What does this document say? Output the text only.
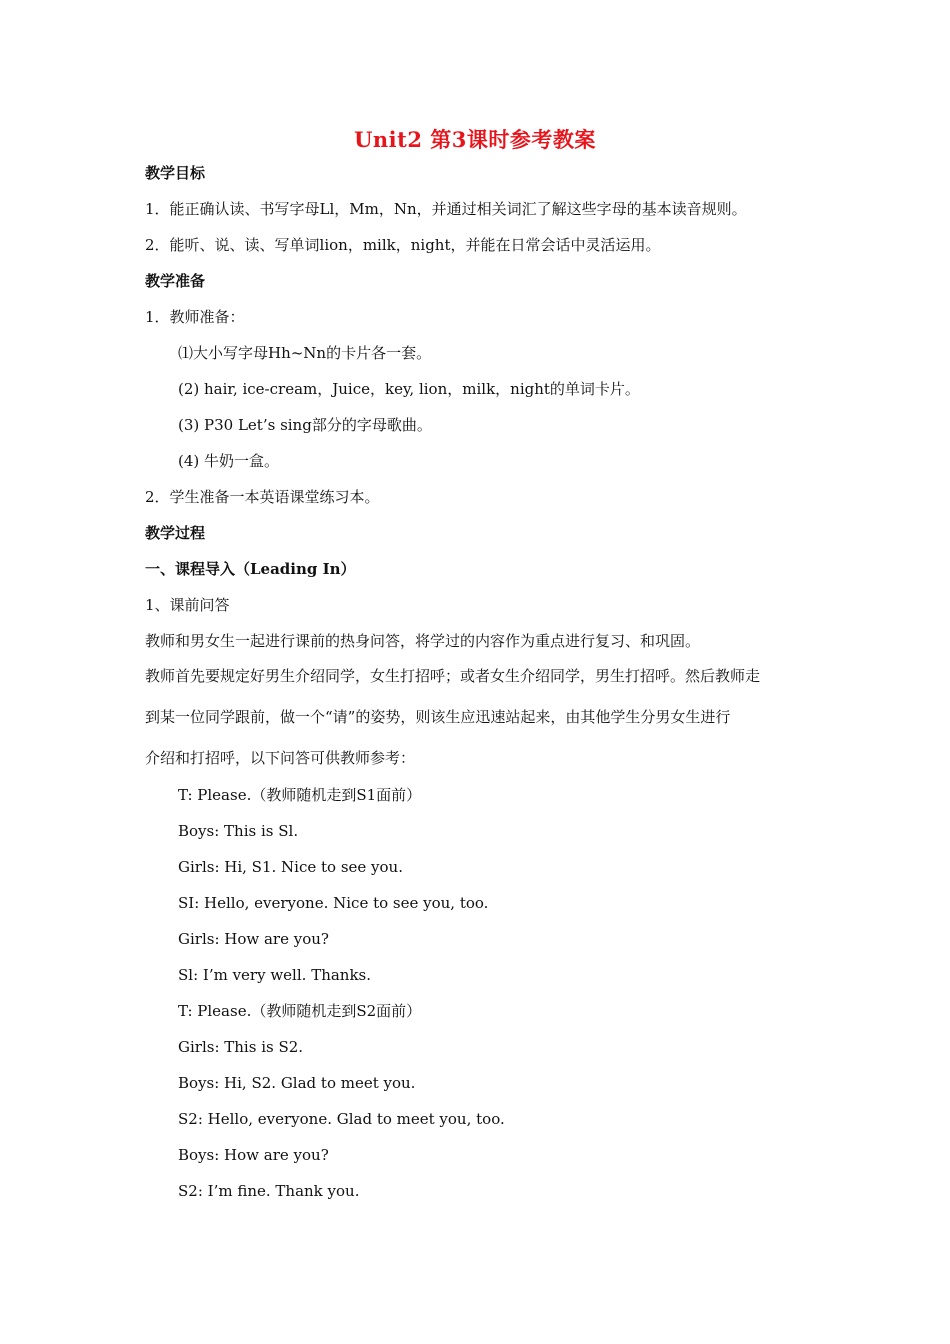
Unit2 第3课时参考教案
教学目标
1．能正确认读、书写字母Ll，Mm，Nn，并通过相关词汇了解这些字母的基本读音规则。
2．能听、说、读、写单词lion，milk，night，并能在日常会话中灵活运用。
教学准备
1．教师准备：
⑴大小写字母Hh~Nn的卡片各一套。
(2) hair, ice-cream，Juice，key, lion，milk，night的单词卡片。
(3) P30 Let’s sing部分的字母歌曲。
(4) 牛奶一盒。
2．学生准备一本英语课堂练习本。
教学过程
一、课程导入（Leading In）
1、课前问答
教师和男女生一起进行课前的热身问答，将学过的内容作为重点进行复习、和巩固。
教师首先要规定好男生介绍同学，女生打招呼；或者女生介绍同学，男生打招呼。然后教师走
到某一位同学跟前，做一个“请”的姿势，则该生应迅速站起来，由其他学生分男女生进行
介绍和打招呼，以下问答可供教师参考：
T: Please.（教师随机走到S1面前）
Boys: This is Sl.
Girls: Hi, S1. Nice to see you.
SI: Hello, everyone. Nice to see you, too.
Girls: How are you?
Sl: I’m very well. Thanks.
T: Please.（教师随机走到S2面前）
Girls: This is S2.
Boys: Hi, S2. Glad to meet you.
S2: Hello, everyone. Glad to meet you, too.
Boys: How are you?
S2: I’m fine. Thank you.
